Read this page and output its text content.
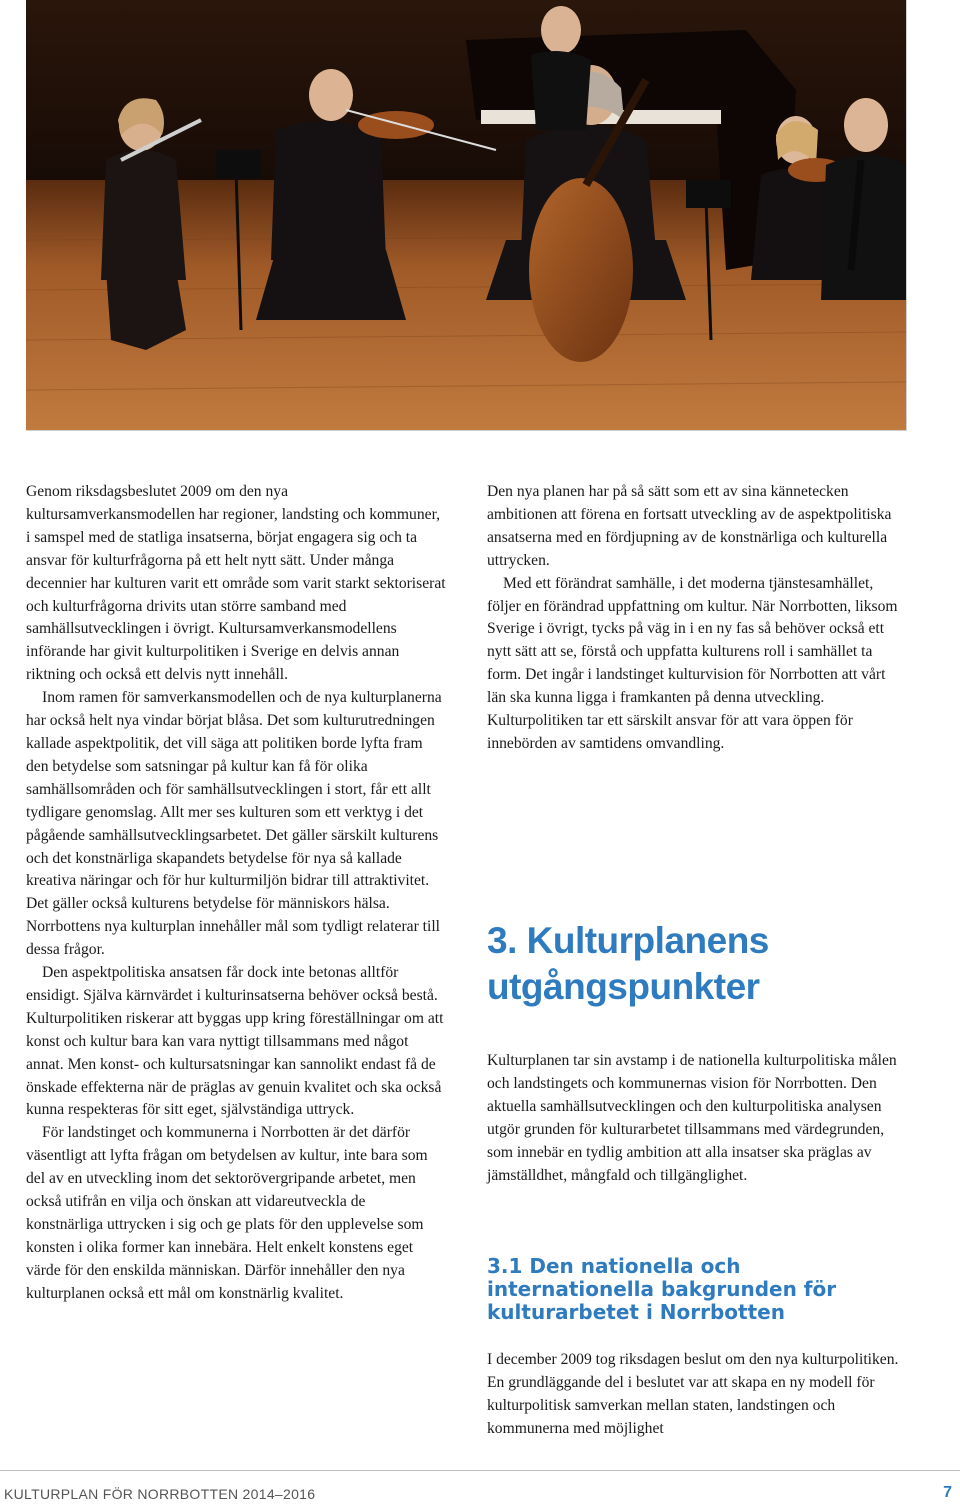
Genom riksdagsbeslutet 2009 om den nya kultursamverkansmodellen har regioner, landsting och kommuner, i samspel med de statliga insatserna, börjat engagera sig och ta ansvar för kulturfrågorna på ett helt nytt sätt. Under många decennier har kulturen varit ett område som varit starkt sektoriserat och kulturfrågorna drivits utan större samband med samhällsutvecklingen i övrigt. Kultursamverkansmodellens införande har givit kulturpolitiken i Sverige en delvis annan riktning och också ett delvis nytt innehåll.

Inom ramen för samverkansmodellen och de nya kulturplanerna har också helt nya vindar börjat blåsa. Det som kulturutredningen kallade aspektpolitik, det vill säga att politiken borde lyfta fram den betydelse som satsningar på kultur kan få för olika samhällsområden och för samhällsutvecklingen i stort, får ett allt tydligare genomslag. Allt mer ses kulturen som ett verktyg i det pågående samhällsutvecklingsarbetet. Det gäller särskilt kulturens och det konstnärliga skapandets betydelse för nya så kallade kreativa näringar och för hur kulturmiljön bidrar till attraktivitet. Det gäller också kulturens betydelse för människors hälsa. Norrbottens nya kulturplan innehåller mål som tydligt relaterar till dessa frågor.

Den aspektpolitiska ansatsen får dock inte betonas alltför ensidigt. Själva kärnvärdet i kulturinsatserna behöver också bestå. Kulturpolitiken riskerar att byggas upp kring föreställningar om att konst och kultur bara kan vara nyttigt tillsammans med något annat. Men konst- och kultursatsningar kan sannolikt endast få de önskade effekterna när de präglas av genuin kvalitet och ska också kunna respekteras för sitt eget, självständiga uttryck.

För landstinget och kommunerna i Norrbotten är det därför väsentligt att lyfta frågan om betydelsen av kultur, inte bara som del av en utveckling inom det sektorövergripande arbetet, men också utifrån en vilja och önskan att vidareutveckla de konstnärliga uttrycken i sig och ge plats för den upplevelse som konsten i olika former kan innebära. Helt enkelt konstens eget värde för den enskilda människan. Därför innehåller den nya kulturplanen också ett mål om konstnärlig kvalitet.

Den nya planen har på så sätt som ett av sina kännetecken ambitionen att förena en fortsatt utveckling av de aspektpolitiska ansatserna med en fördjupning av de konstnärliga och kulturella uttrycken.

Med ett förändrat samhälle, i det moderna tjänstesamhället, följer en förändrad uppfattning om kultur. När Norrbotten, liksom Sverige i övrigt, tycks på väg in i en ny fas så behöver också ett nytt sätt att se, förstå och uppfatta kulturens roll i samhället ta form. Det ingår i landstinget kulturvision för Norrbotten att vårt län ska kunna ligga i framkanten på denna utveckling. Kulturpolitiken tar ett särskilt ansvar för att vara öppen för innebörden av samtidens omvandling.

3. Kulturplanens utgångspunkter

Kulturplanen tar sin avstamp i de nationella kulturpolitiska målen och landstingets och kommunernas vision för Norrbotten. Den aktuella samhällsutvecklingen och den kulturpolitiska analysen utgör grunden för kulturarbetet tillsammans med värdegrunden, som innebär en tydlig ambition att alla insatser ska präglas av jämställdhet, mångfald och tillgänglighet.

3.1 Den nationella och internationella bakgrunden för kulturarbetet i Norrbotten

I december 2009 tog riksdagen beslut om den nya kulturpolitiken. En grundläggande del i beslutet var att skapa en ny modell för kulturpolitisk samverkan mellan staten, landstingen och kommunerna med möjlighet

KULTURPLAN FÖR NORRBOTTEN 2014–2016	7
